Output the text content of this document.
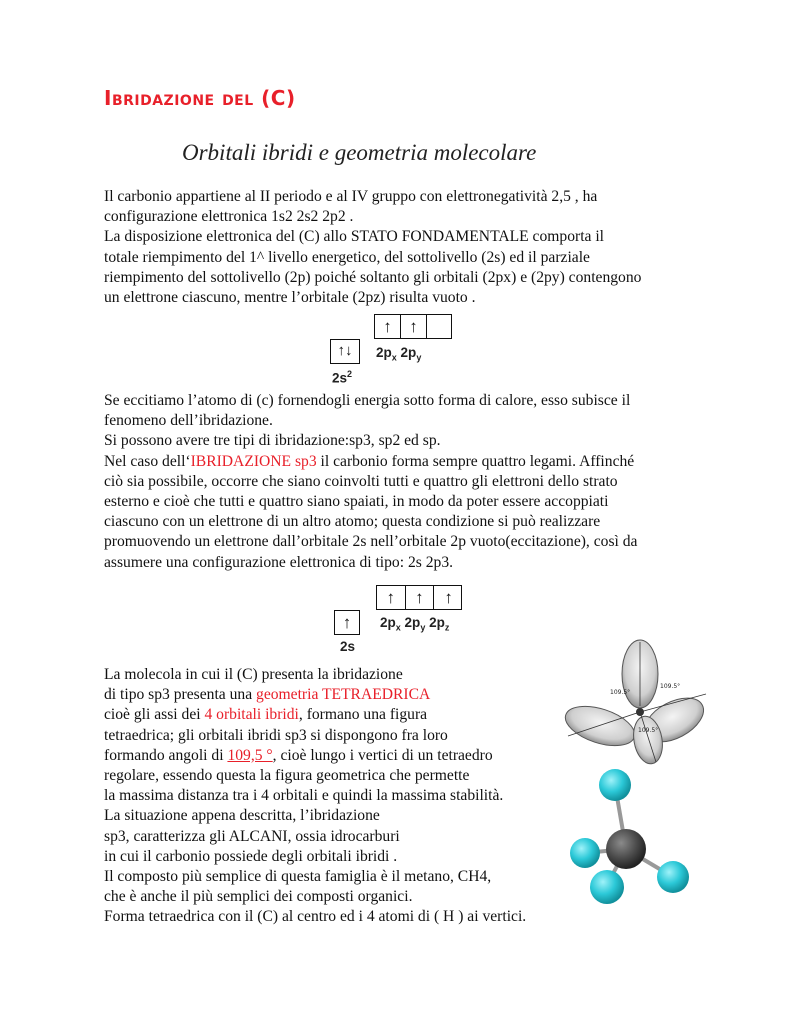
Ibridazione del (C)
Orbitali ibridi e geometria molecolare

Il carbonio appartiene al II periodo e al IV gruppo con elettronegatività 2,5 , ha

configurazione elettronica 1s2 2s2 2p2 .

La disposizione elettronica del (C) allo STATO FONDAMENTALE comporta il

totale riempimento del 1^ livello energetico, del sottolivello (2s) ed il parziale

riempimento del sottolivello (2p) poiché soltanto gli orbitali (2px) e (2py) contengono

un elettrone ciascuno, mentre l’orbitale (2pz) risulta vuoto .

↑	↑
↑↓	$2p_x$ $2p_y$
$2s^2$

Se eccitiamo l’atomo di (c) fornendogli energia sotto forma di calore, esso subisce il

fenomeno dell’ibridazione.

Si possono avere tre tipi di ibridazione:sp3, sp2 ed sp.

Nel caso dell‘IBRIDAZIONE sp3 il carbonio forma sempre quattro legami. Affinché

ciò sia possibile, occorre che siano coinvolti tutti e quattro gli elettroni dello strato

esterno e cioè che tutti e quattro siano spaiati, in modo da poter essere accoppiati

ciascuno con un elettrone di un altro atomo; questa condizione si può realizzare

promuovendo un elettrone dall’orbitale 2s nell’orbitale 2p vuoto(eccitazione), così da

assumere una configurazione elettronica di tipo: 2s 2p3.

↑	↑	↑
↑	$2p_x$ $2p_y$ $2p_z$
2s

La molecola in cui il (C) presenta la ibridazione

di tipo sp3 presenta una geometria TETRAEDRICA

cioè gli assi dei 4 orbitali ibridi, formano una figura

tetraedrica; gli orbitali ibridi sp3 si dispongono fra loro

formando angoli di 109,5 °, cioè lungo i vertici di un tetraedro

regolare, essendo questa la figura geometrica che permette

la massima distanza tra i 4 orbitali e quindi la massima stabilità.

La situazione appena descritta, l’ibridazione

sp3, caratterizza gli ALCANI, ossia idrocarburi

in cui il carbonio possiede degli orbitali ibridi .

Il composto più semplice di questa famiglia è il metano, CH4,

che è anche il più semplici dei composti organici.

Forma tetraedrica con il (C) al centro ed i 4 atomi di ( H ) ai vertici.

109.5°
109.5°
109.5°
